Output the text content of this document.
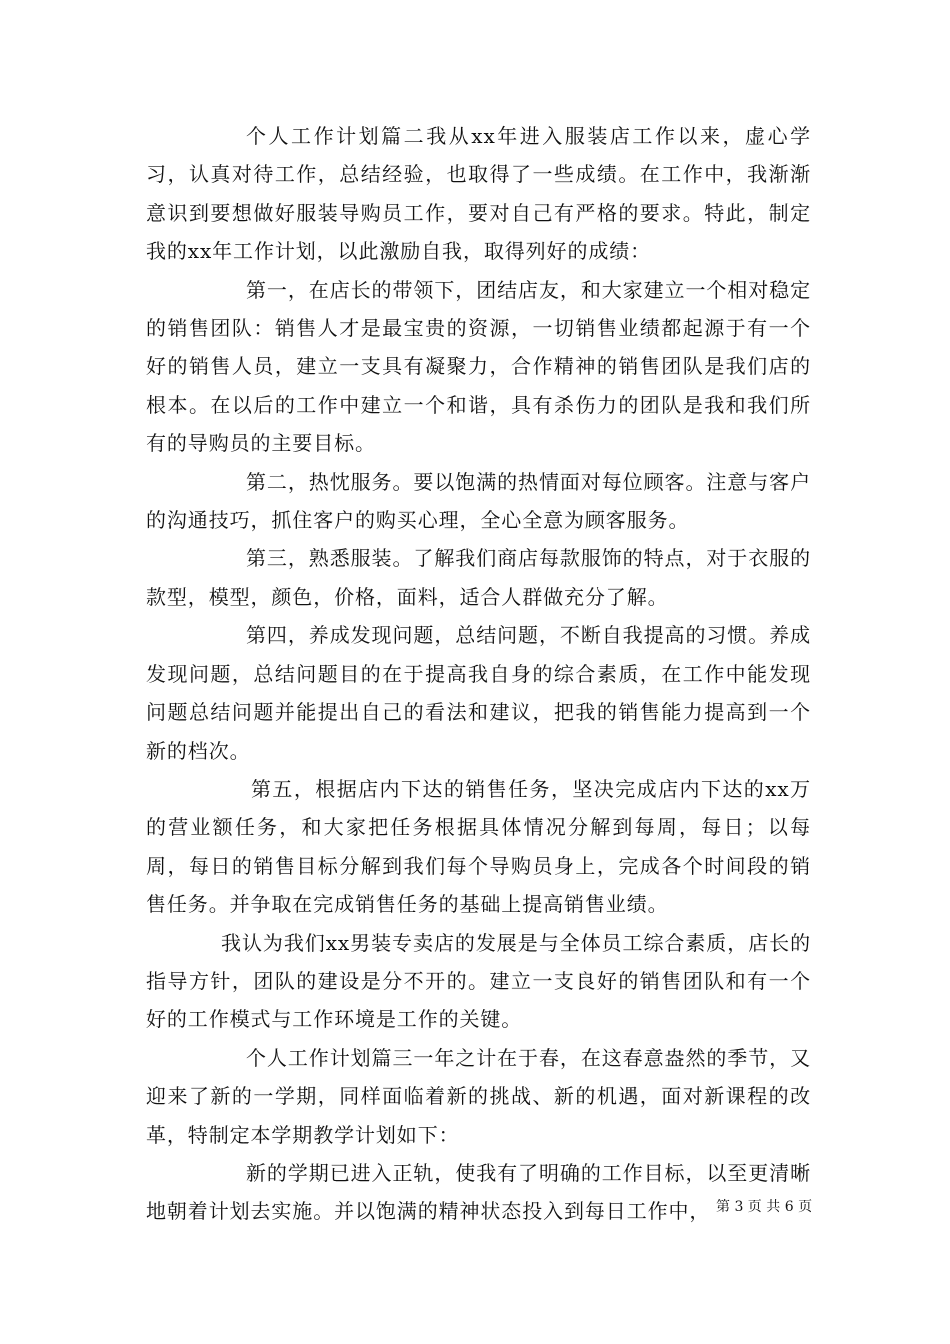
个人工作计划篇二我从xx年进入服装店工作以来，虚心学习，认真对待工作，总结经验，也取得了一些成绩。在工作中，我渐渐意识到要想做好服装导购员工作，要对自己有严格的要求。特此，制定我的xx年工作计划，以此激励自我，取得列好的成绩：

第一，在店长的带领下，团结店友，和大家建立一个相对稳定的销售团队：销售人才是最宝贵的资源，一切销售业绩都起源于有一个好的销售人员，建立一支具有凝聚力，合作精神的销售团队是我们店的根本。在以后的工作中建立一个和谐，具有杀伤力的团队是我和我们所有的导购员的主要目标。

第二，热忱服务。要以饱满的热情面对每位顾客。注意与客户的沟通技巧，抓住客户的购买心理，全心全意为顾客服务。

第三，熟悉服装。了解我们商店每款服饰的特点，对于衣服的款型，模型，颜色，价格，面料，适合人群做充分了解。

第四，养成发现问题，总结问题，不断自我提高的习惯。养成发现问题，总结问题目的在于提高我自身的综合素质，在工作中能发现问题总结问题并能提出自己的看法和建议，把我的销售能力提高到一个新的档次。

第五，根据店内下达的销售任务，坚决完成店内下达的xx万的营业额任务，和大家把任务根据具体情况分解到每周，每日；以每周，每日的销售目标分解到我们每个导购员身上，完成各个时间段的销售任务。并争取在完成销售任务的基础上提高销售业绩。

我认为我们xx男装专卖店的发展是与全体员工综合素质，店长的指导方针，团队的建设是分不开的。建立一支良好的销售团队和有一个好的工作模式与工作环境是工作的关键。

个人工作计划篇三一年之计在于春，在这春意盎然的季节，又迎来了新的一学期，同样面临着新的挑战、新的机遇，面对新课程的改革，特制定本学期教学计划如下：

新的学期已进入正轨，使我有了明确的工作目标，以至更清晰地朝着计划去实施。并以饱满的精神状态投入到每日工作中， 第 3 页 共 6 页
